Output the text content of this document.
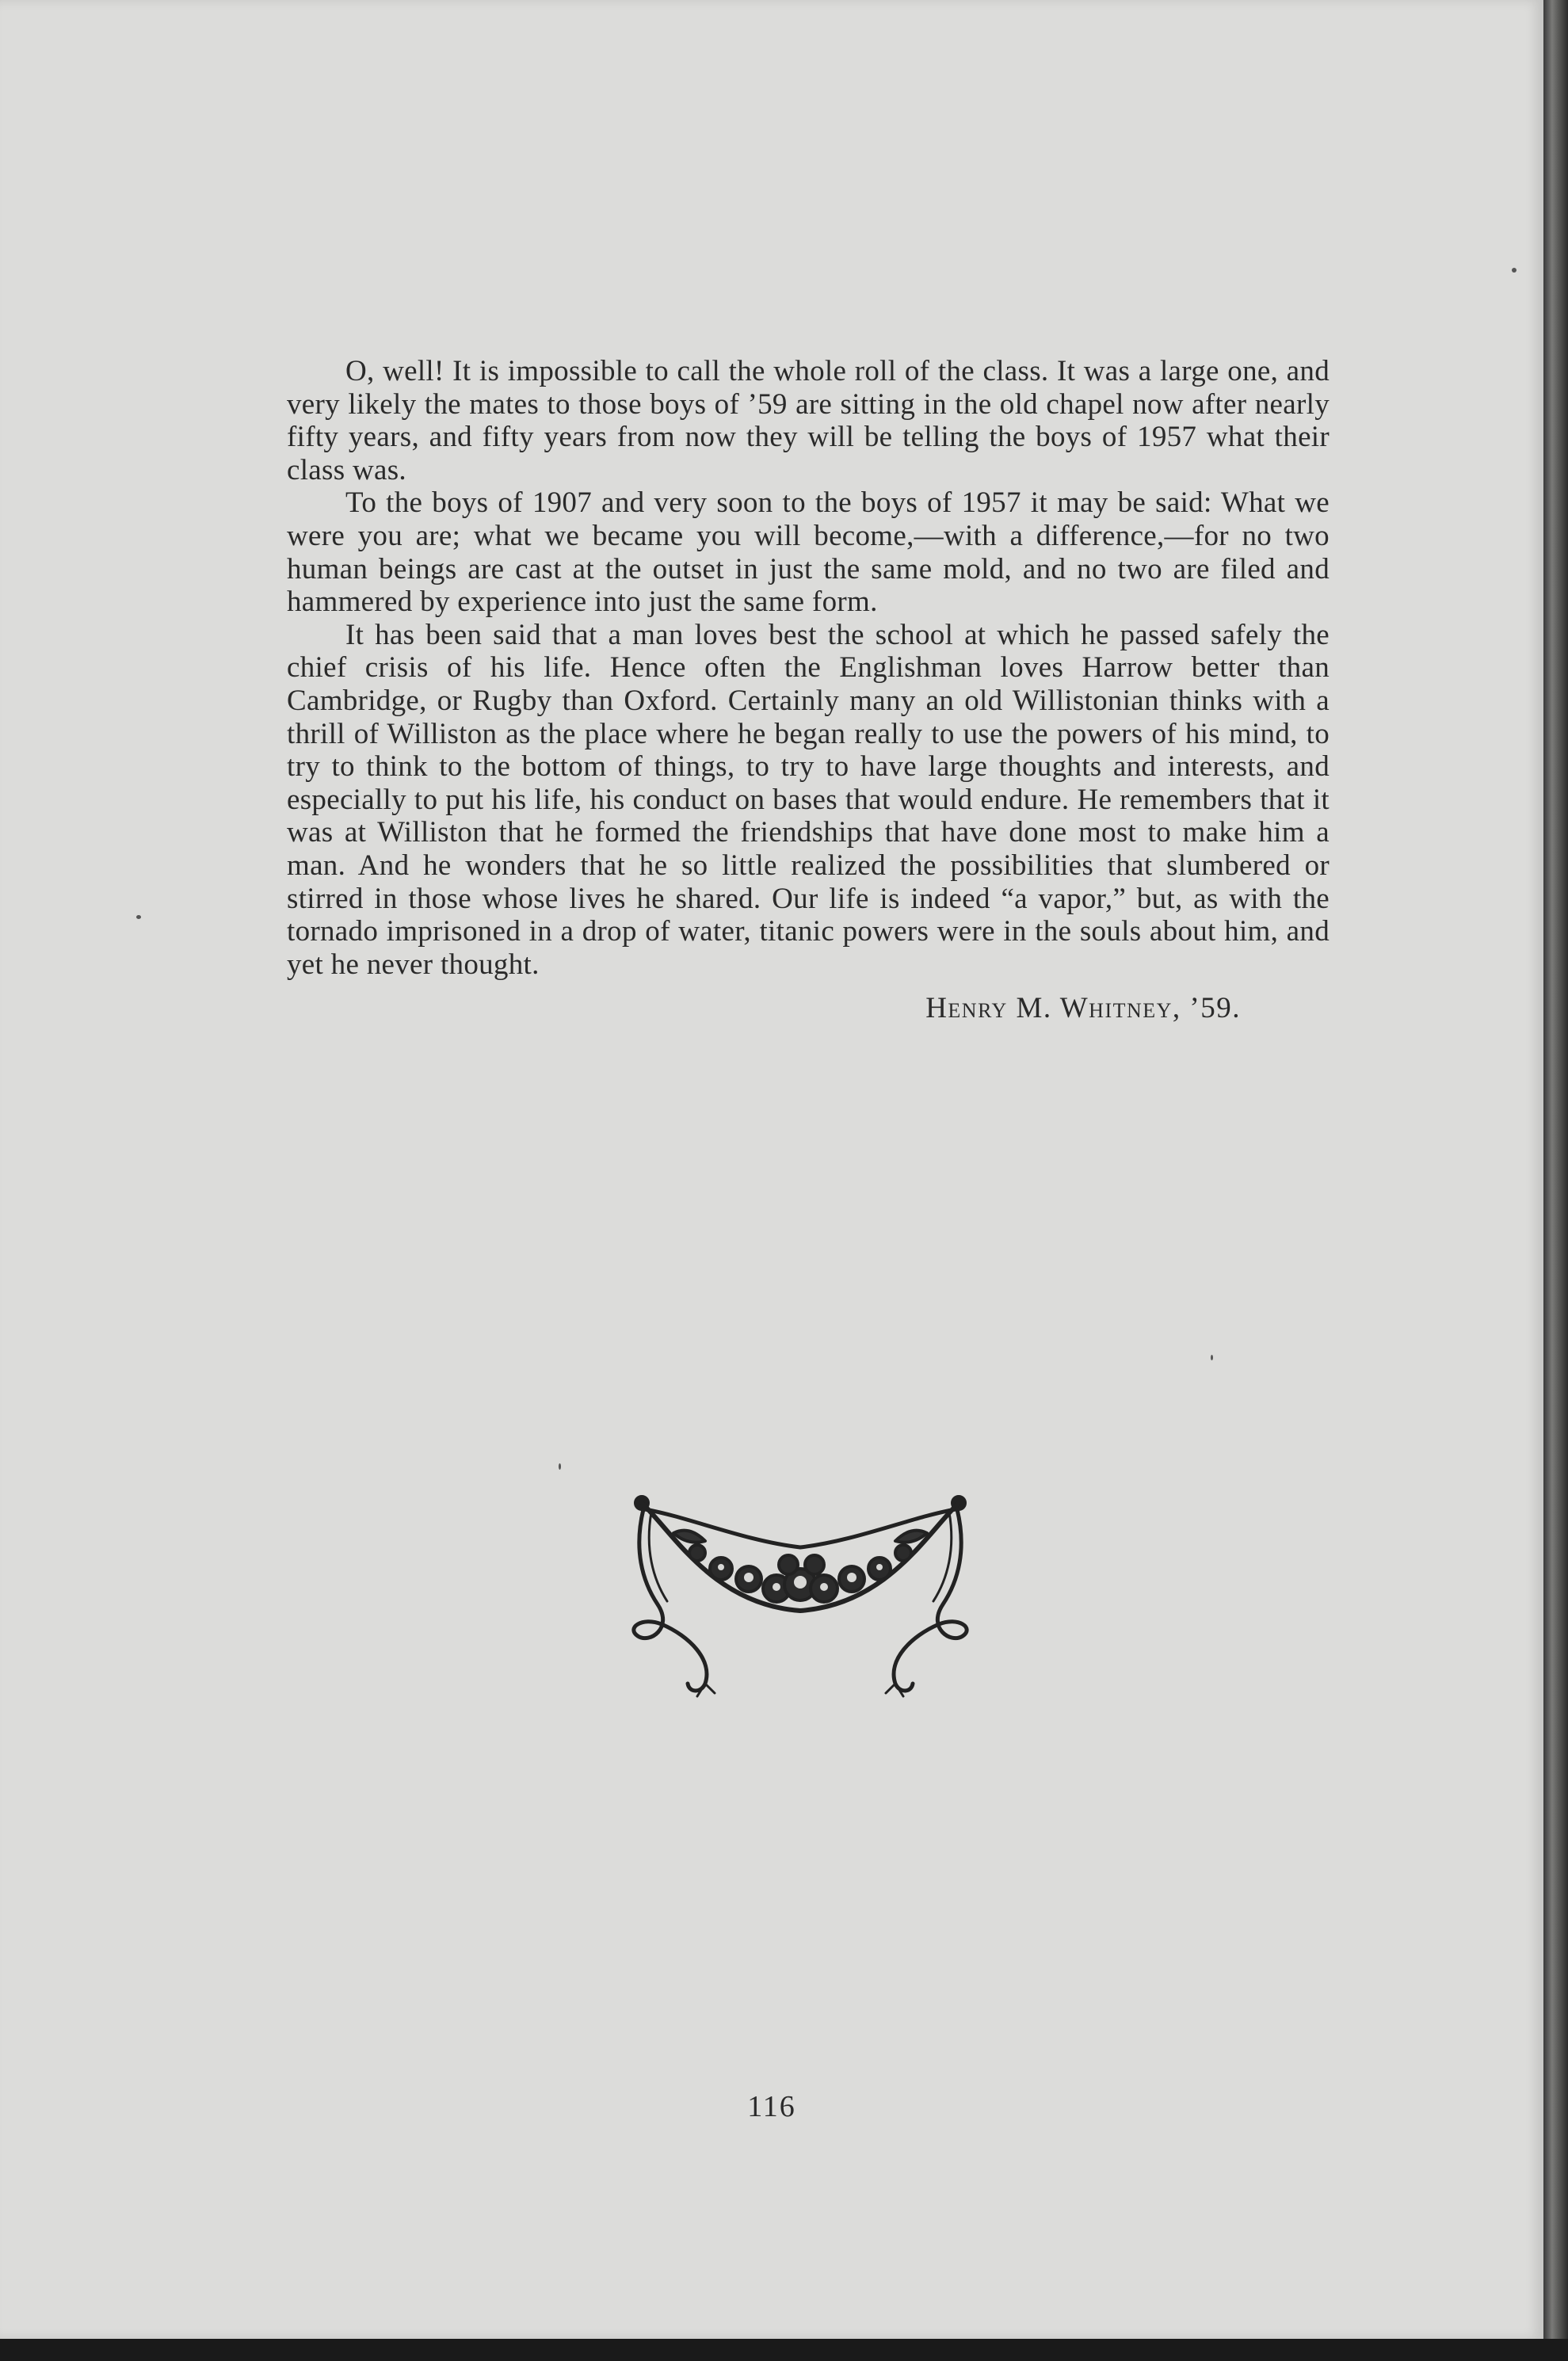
O, well! It is impossible to call the whole roll of the class. It was a large one, and very likely the mates to those boys of ’59 are sitting in the old chapel now after nearly fifty years, and fifty years from now they will be telling the boys of 1957 what their class was.

To the boys of 1907 and very soon to the boys of 1957 it may be said: What we were you are; what we became you will become,—with a difference,—for no two human beings are cast at the outset in just the same mold, and no two are filed and hammered by experience into just the same form.

It has been said that a man loves best the school at which he passed safely the chief crisis of his life. Hence often the Englishman loves Harrow better than Cambridge, or Rugby than Oxford. Certainly many an old Willistonian thinks with a thrill of Williston as the place where he began really to use the powers of his mind, to try to think to the bottom of things, to try to have large thoughts and interests, and especially to put his life, his conduct on bases that would endure. He remembers that it was at Williston that he formed the friendships that have done most to make him a man. And he wonders that he so little realized the possibilities that slumbered or stirred in those whose lives he shared. Our life is indeed “a vapor,” but, as with the tornado imprisoned in a drop of water, titanic powers were in the souls about him, and yet he never thought.

Henry M. Whitney, ’59.
116
